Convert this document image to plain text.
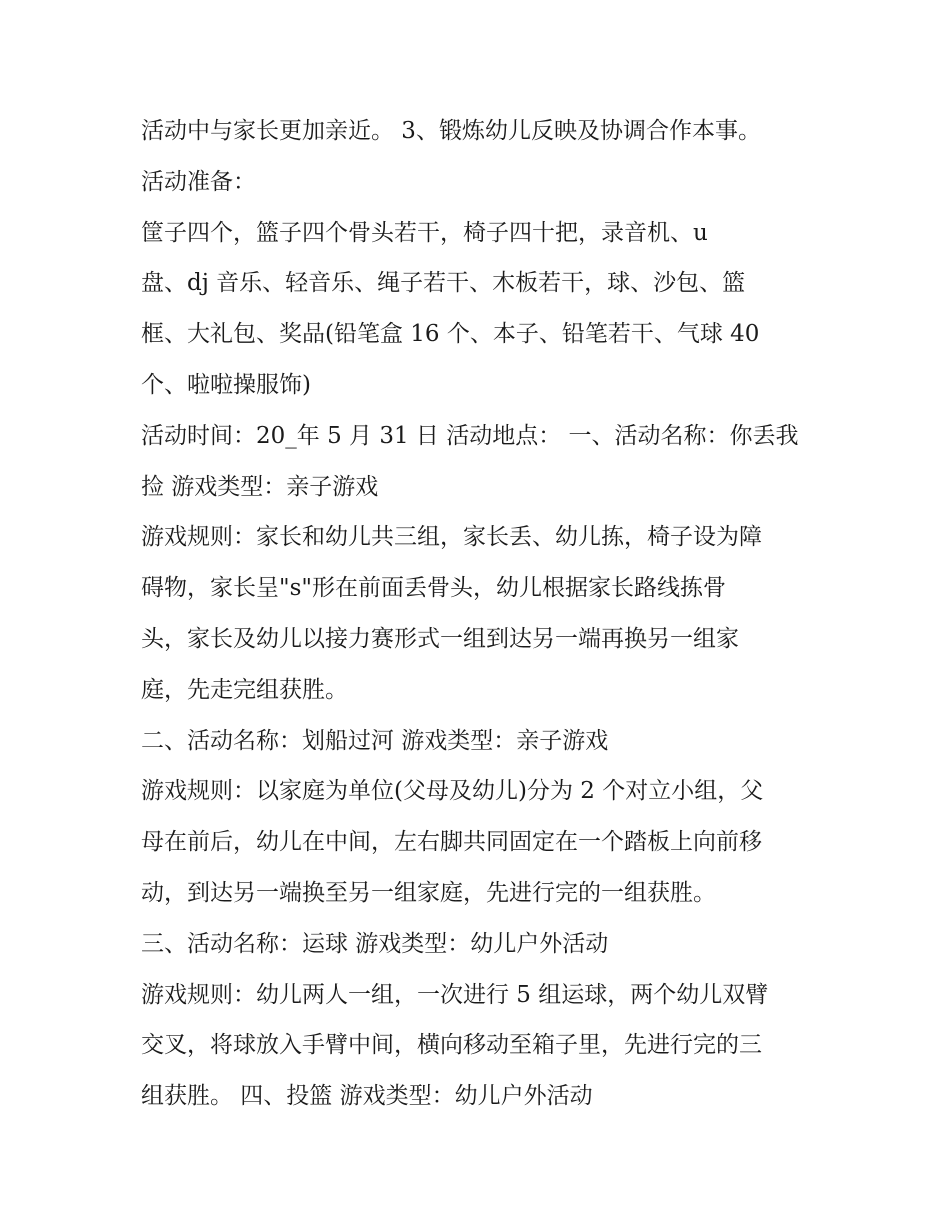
活动中与家长更加亲近。 3、锻炼幼儿反映及协调合作本事。
活动准备：
筐子四个，篮子四个骨头若干，椅子四十把，录音机、u
盘、dj 音乐、轻音乐、绳子若干、木板若干，球、沙包、篮
框、大礼包、奖品(铅笔盒 16 个、本子、铅笔若干、气球 40
个、啦啦操服饰)
活动时间：20_年 5 月 31 日 活动地点： 一、活动名称：你丢我
捡 游戏类型：亲子游戏
游戏规则：家长和幼儿共三组，家长丢、幼儿拣，椅子设为障
碍物，家长呈"s"形在前面丢骨头，幼儿根据家长路线拣骨
头，家长及幼儿以接力赛形式一组到达另一端再换另一组家
庭，先走完组获胜。
二、活动名称：划船过河 游戏类型：亲子游戏
游戏规则：以家庭为单位(父母及幼儿)分为 2 个对立小组，父
母在前后，幼儿在中间，左右脚共同固定在一个踏板上向前移
动，到达另一端换至另一组家庭，先进行完的一组获胜。
三、活动名称：运球 游戏类型：幼儿户外活动
游戏规则：幼儿两人一组，一次进行 5 组运球，两个幼儿双臂
交叉，将球放入手臂中间，横向移动至箱子里，先进行完的三
组获胜。 四、投篮 游戏类型：幼儿户外活动
